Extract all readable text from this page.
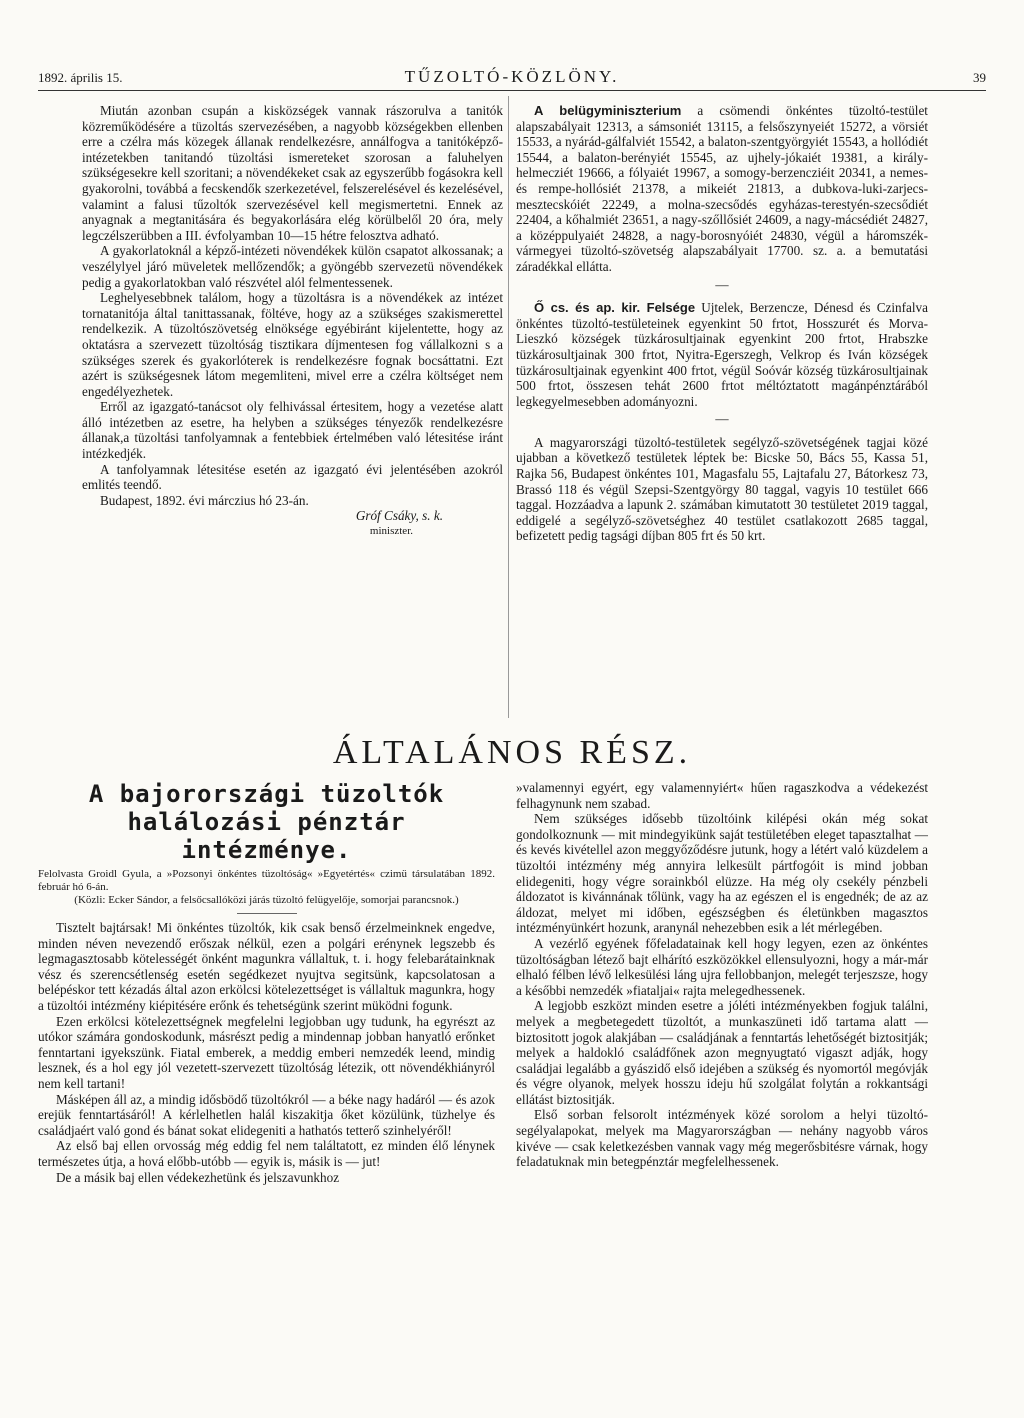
1892. április 15.	TŰZOLTÓ-KÖZLÖNY.	39

Miután azonban csupán a kisközségek vannak rászorulva a tanitók közreműködésére a tüzoltás szervezésében, a nagyobb községekben ellenben erre a czélra más közegek állanak rendelkezésre, annálfogva a tanitóképző-intézetekben tanitandó tüzoltási ismereteket szorosan a faluhelyen szükségesekre kell szoritani; a növendékeket csak az egyszerűbb fogásokra kell gyakorolni, továbbá a fecskendők szerkezetével, felszerelésével és kezelésével, valamint a falusi tűzoltók szervezésével kell megismertetni. Ennek az anyagnak a megtanitására és begyakorlására elég körülbelől 20 óra, mely legczélszerübben a III. évfolyamban 10—15 hétre felosztva adható.

A gyakorlatoknál a képző-intézeti növendékek külön csapatot alkossanak; a veszélylyel járó müveletek mellőzendők; a gyöngébb szervezetü növendékek pedig a gyakorlatokban való részvétel alól felmentessenek.

Leghelyesebbnek találom, hogy a tüzoltásra is a növendékek az intézet tornatanitója által tanittassanak, föltéve, hogy az a szükséges szakismerettel rendelkezik. A tüzoltószövetség elnöksége egyébiránt kijelentette, hogy az oktatásra a szervezett tüzoltóság tisztikara díjmentesen fog vállalkozni s a szükséges szerek és gyakorlóterek is rendelkezésre fognak bocsáttatni. Ezt azért is szükségesnek látom megemliteni, mivel erre a czélra költséget nem engedélyezhetek.

Erről az igazgató-tanácsot oly felhivással értesitem, hogy a vezetése alatt álló intézetben az esetre, ha helyben a szükséges tényezők rendelkezésre állanak,a tüzoltási tanfolyamnak a fentebbiek értelmében való létesitése iránt intézkedjék.

A tanfolyamnak létesitése esetén az igazgató évi jelentésében azokról emlités teendő.

Budapest, 1892. évi márczius hó 23-án.

Gróf Csáky, s. k.

miniszter.

A belügyminiszterium a csömendi önkéntes tüzoltó-testület alapszabályait 12313, a sámsoniét 13115, a felsőszynyeiét 15272, a vörsiét 15533, a nyárád-gálfalviét 15542, a balaton-szentgyörgyiét 15543, a hollódiét 15544, a balaton-berényiét 15545, az ujhely-jókaiét 19381, a király-helmecziét 19666, a fólyaiét 19967, a somogy-berzencziéit 20341, a nemes- és rempe-hollósiét 21378, a mikeiét 21813, a dubkova-luki-zarjecs-mesztecskóiét 22249, a molna-szecsődés egyházas-terestyén-szecsődiét 22404, a kőhalmiét 23651, a nagy-szőllősiét 24609, a nagy-mácsédiét 24827, a középpulyaiét 24828, a nagy-borosnyóiét 24830, végül a háromszék-vármegyei tüzoltó-szövetség alapszabályait 17700. sz. a. a bemutatási záradékkal ellátta.

—

Ő cs. és ap. kir. Felsége Ujtelek, Berzencze, Dénesd és Czinfalva önkéntes tüzoltó-testületeinek egyenkint 50 frtot, Hosszurét és Morva-Lieszkó községek tüzkárosultjainak egyenkint 200 frtot, Hrabszke tüzkárosultjainak 300 frtot, Nyitra-Egerszegh, Velkrop és Iván községek tüzkárosultjainak egyenkint 400 frtot, végül Soóvár község tüzkárosultjainak 500 frtot, összesen tehát 2600 frtot méltóztatott magánpénztárából legkegyelmesebben adományozni.

—

A magyarországi tüzoltó-testületek segélyző-szövetségének tagjai közé ujabban a következő testületek léptek be: Bicske 50, Bács 55, Kassa 51, Rajka 56, Budapest önkéntes 101, Magasfalu 55, Lajtafalu 27, Bátorkesz 73, Brassó 118 és végül Szepsi-Szentgyörgy 80 taggal, vagyis 10 testület 666 taggal. Hozzáadva a lapunk 2. számában kimutatott 30 testületet 2019 taggal, eddigelé a segélyző-szövetséghez 40 testület csatlakozott 2685 taggal, befizetett pedig tagsági díjban 805 frt és 50 krt.

ÁLTALÁNOS RÉSZ.
A bajorországi tüzoltók halálozási pénztár intézménye.

Felolvasta Groidl Gyula, a »Pozsonyi önkéntes tüzoltóság« »Egyetértés« czimü társulatában 1892. február hó 6-án.

(Közli: Ecker Sándor, a felsőcsallóközi járás tüzoltó felügyelője, somorjai parancsnok.)

Tisztelt bajtársak! Mi önkéntes tüzoltók, kik csak benső érzelmeinknek engedve, minden néven nevezendő erőszak nélkül, ezen a polgári erénynek legszebb és legmagasztosabb kötelességét önként magunkra vállaltuk, t. i. hogy felebarátainknak vész és szerencsétlenség esetén segédkezet nyujtva segitsünk, kapcsolatosan a belépéskor tett kézadás által azon erkölcsi kötelezettséget is vállaltuk magunkra, hogy a tüzoltói intézmény kiépitésére erőnk és tehetségünk szerint müködni fogunk.

Ezen erkölcsi kötelezettségnek megfelelni legjobban ugy tudunk, ha egyrészt az utókor számára gondoskodunk, másrészt pedig a mindennap jobban hanyatló erőnket fenntartani igyekszünk. Fiatal emberek, a meddig emberi nemzedék leend, mindig lesznek, és a hol egy jól vezetett-szervezett tüzoltóság létezik, ott növendékhiányról nem kell tartani!

Másképen áll az, a mindig idősbödő tüzoltókról — a béke nagy hadáról — és azok erejük fenntartásáról! A kérlelhetlen halál kiszakitja őket közülünk, tüzhelye és családjaért való gond és bánat sokat elidegeniti a hathatós tetterő szinhelyéről!

Az első baj ellen orvosság még eddig fel nem találtatott, ez minden élő lénynek természetes útja, a hová előbb-utóbb — egyik is, másik is — jut!

De a másik baj ellen védekezhetünk és jelszavunkhoz

»valamennyi egyért, egy valamennyiért« hűen ragaszkodva a védekezést felhagynunk nem szabad.

Nem szükséges idősebb tüzoltóink kilépési okán még sokat gondolkoznunk — mit mindegyikünk saját testületében eleget tapasztalhat — és kevés kivétellel azon meggyőződésre jutunk, hogy a létért való küzdelem a tüzoltói intézmény még annyira lelkesült pártfogóit is mind jobban elidegeniti, hogy végre sorainkból elüzze. Ha még oly csekély pénzbeli áldozatot is kivánnának tőlünk, vagy ha az egészen el is engednék; de az az áldozat, melyet mi időben, egészségben és életünkben magasztos intézményünkért hozunk, aranynál nehezebben esik a lét mérlegében.

A vezérlő egyének főfeladatainak kell hogy legyen, ezen az önkéntes tüzoltóságban létező bajt elhárító eszközökkel ellensulyozni, hogy a már-már elhaló félben lévő lelkesülési láng ujra fellobbanjon, melegét terjeszsze, hogy a későbbi nemzedék »fiataljai« rajta melegedhessenek.

A legjobb eszközt minden esetre a jóléti intézményekben fogjuk találni, melyek a megbetegedett tüzoltót, a munkaszüneti idő tartama alatt — biztositott jogok alakjában — családjának a fenntartás lehetőségét biztositják; melyek a haldokló családfőnek azon megnyugtató vigaszt adják, hogy családjai legalább a gyászidő első idejében a szükség és nyomortól megóvják és végre olyanok, melyek hosszu ideju hű szolgálat folytán a rokkantsági ellátást biztositják.

Első sorban felsorolt intézmények közé sorolom a helyi tüzoltó-segélyalapokat, melyek ma Magyarországban — nehány nagyobb város kivéve — csak keletkezésben vannak vagy még megerősbitésre várnak, hogy feladatuknak min betegpénztár megfelelhessenek.
